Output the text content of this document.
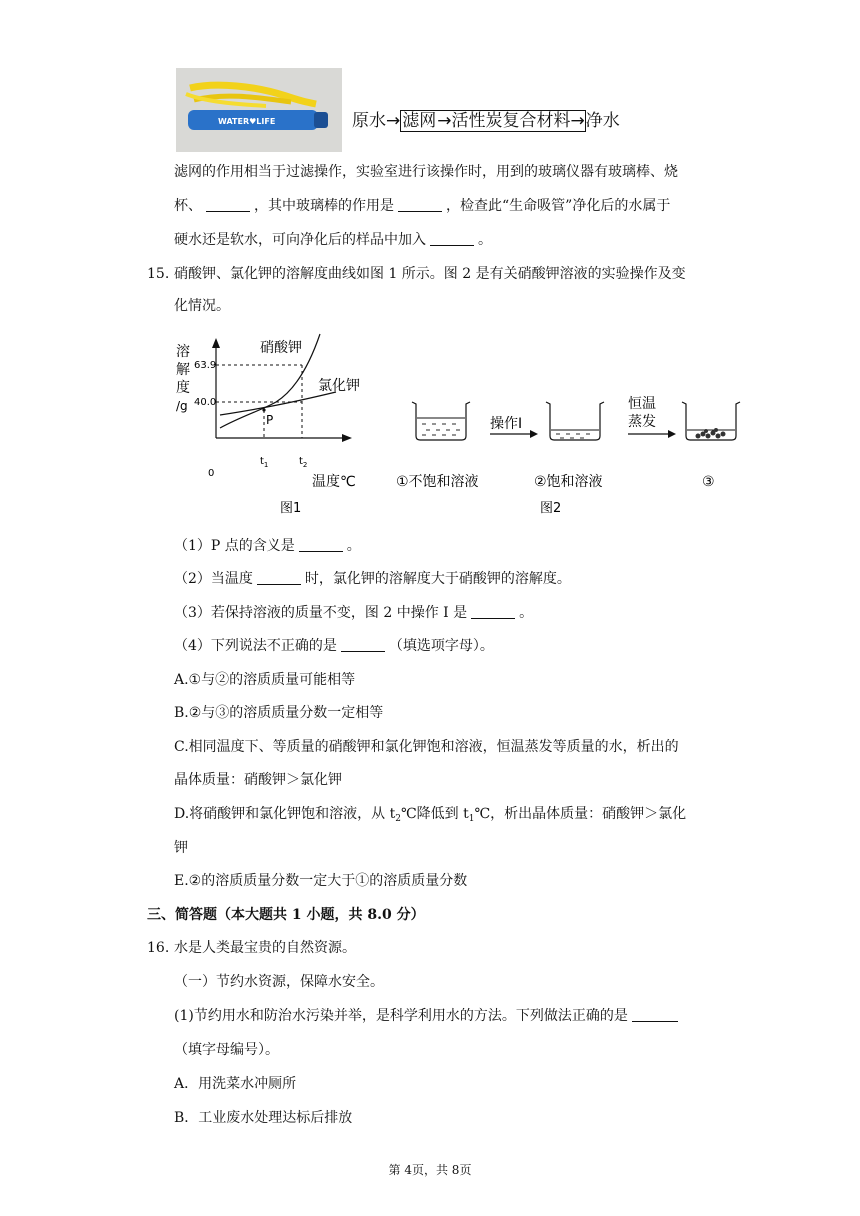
WATER♥LIFE	原水→ 滤网→活性炭复合材料→净水
滤网的作用相当于过滤操作，实验室进行该操作时，用到的玻璃仪器有玻璃棒、烧
杯、	，其中玻璃棒的作用是	，检查此“生命吸管”净化后的水属于
硬水还是软水，可向净化后的样品中加入	。
15. 硝酸钾、氯化钾的溶解度曲线如图 1 所示。图 2 是有关硝酸钾溶液的实验操作及变
化情况。
溶
解
度
/g
63.9
40.0
0
$t_1$	$t_2$
温度℃
P
硝酸钾
氯化钾
图1
①不饱和溶液
操作I
②饱和溶液
恒温
蒸发
③
图2
（1）P 点的含义是	。
（2）当温度	时，氯化钾的溶解度大于硝酸钾的溶解度。
（3）若保持溶液的质量不变，图 2 中操作 I 是	。
（4）下列说法不正确的是	（填选项字母）。
A.①与②的溶质质量可能相等
B.②与③的溶质质量分数一定相等
C.相同温度下、等质量的硝酸钾和氯化钾饱和溶液，恒温蒸发等质量的水，析出的
晶体质量：硝酸钾＞氯化钾
D.将硝酸钾和氯化钾饱和溶液，从 $t_2℃$降低到 $t_1℃$，析出晶体质量：硝酸钾＞氯化
钾
E.②的溶质质量分数一定大于①的溶质质量分数
三、简答题（本大题共 1 小题，共 8.0 分）
16. 水是人类最宝贵的自然资源。
（一）节约水资源，保障水安全。
(1)节约用水和防治水污染并举，是科学利用水的方法。下列做法正确的是
（填字母编号）。
A．用洗菜水冲厕所
B．工业废水处理达标后排放
第 4页，共 8页
